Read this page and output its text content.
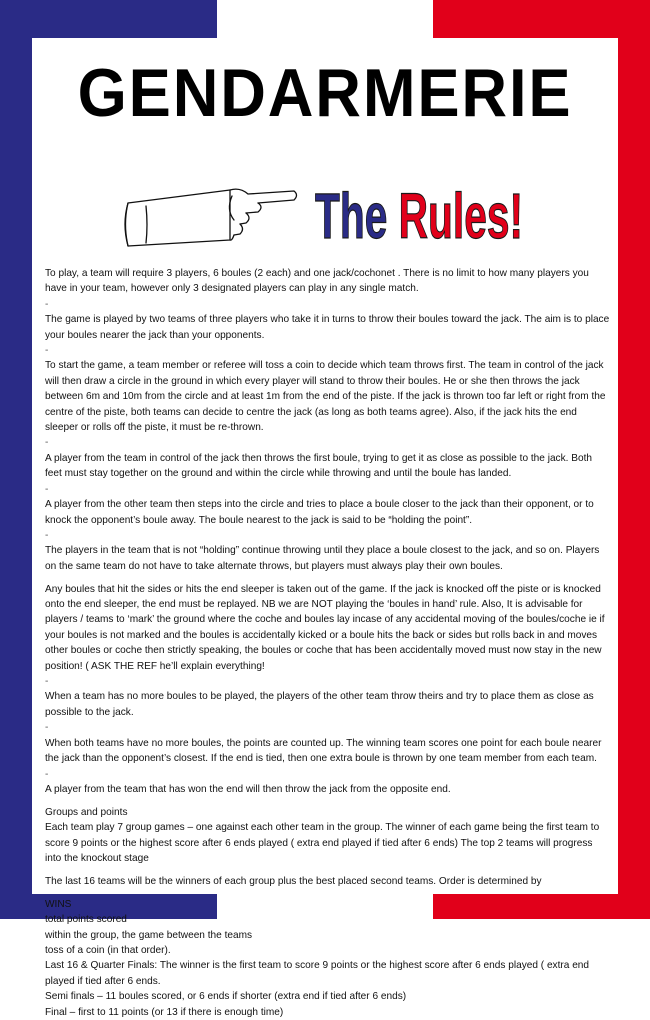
GENDARMERIE
The Rules!

To play, a team will require 3 players, 6 boules (2 each) and one jack/cochonet . There is no limit to how many players you have in your team, however only 3 designated players can play in any single match.

-

The game is played by two teams of three players who take it in turns to throw their boules toward the jack. The aim is to place your boules nearer the jack than your opponents.

-

To start the game, a team member or referee will toss a coin to decide which team throws first. The team in control of the jack will then draw a circle in the ground in which every player will stand to throw their boules. He or she then throws the jack between 6m and 10m from the circle and at least 1m from the end of the piste. If the jack is thrown too far left or right from the centre of the piste, both teams can decide to centre the jack (as long as both teams agree). Also, if the jack hits the end sleeper or rolls off the piste, it must be re-thrown.

-

A player from the team in control of the jack then throws the first boule, trying to get it as close as possible to the jack. Both feet must stay together on the ground and within the circle while throwing and until the boule has landed.

-

A player from the other team then steps into the circle and tries to place a boule closer to the jack than their opponent, or to knock the opponent’s boule away. The boule nearest to the jack is said to be “holding the point”.

-

The players in the team that is not “holding” continue throwing until they place a boule closest to the jack, and so on. Players on the same team do not have to take alternate throws, but players must always play their own boules.

Any boules that hit the sides or hits the end sleeper is taken out of the game. If the jack is knocked off the piste or is knocked onto the end sleeper, the end must be replayed. NB we are NOT playing the ‘boules in hand’ rule. Also, It is advisable for players / teams to ‘mark’ the ground where the coche and boules lay incase of any accidental moving of the boules/coche ie if your boules is not marked and the boules is accidentally kicked or a boule hits the back or sides but rolls back in and moves other boules or coche then strictly speaking, the boules or coche that has been accidentally moved must now stay in the new position! ( ASK THE REF he’ll explain everything!

-

When a team has no more boules to be played, the players of the other team throw theirs and try to place them as close as possible to the jack.

-

When both teams have no more boules, the points are counted up. The winning team scores one point for each boule nearer the jack than the opponent’s closest. If the end is tied, then one extra boule is thrown by one team member from each team.

-

A player from the team that has won the end will then throw the jack from the opposite end.

Groups and points

Each team play 7 group games – one against each other team in the group. The winner of each game being the first team to score 9 points or the highest score after 6 ends played ( extra end played if tied after 6 ends) The top 2 teams will progress into the knockout stage

The last 16 teams will be the winners of each group plus the best placed second teams. Order is determined by

WINS

total points scored

within the group, the game between the teams

toss of a coin (in that order).

Last 16 & Quarter Finals: The winner is the first team to score 9 points or the highest score after 6 ends played ( extra end played if tied after 6 ends.

Semi finals – 11 boules scored, or 6 ends if shorter (extra end if tied after 6 ends)

Final – first to 11 points (or 13 if there is enough time)
